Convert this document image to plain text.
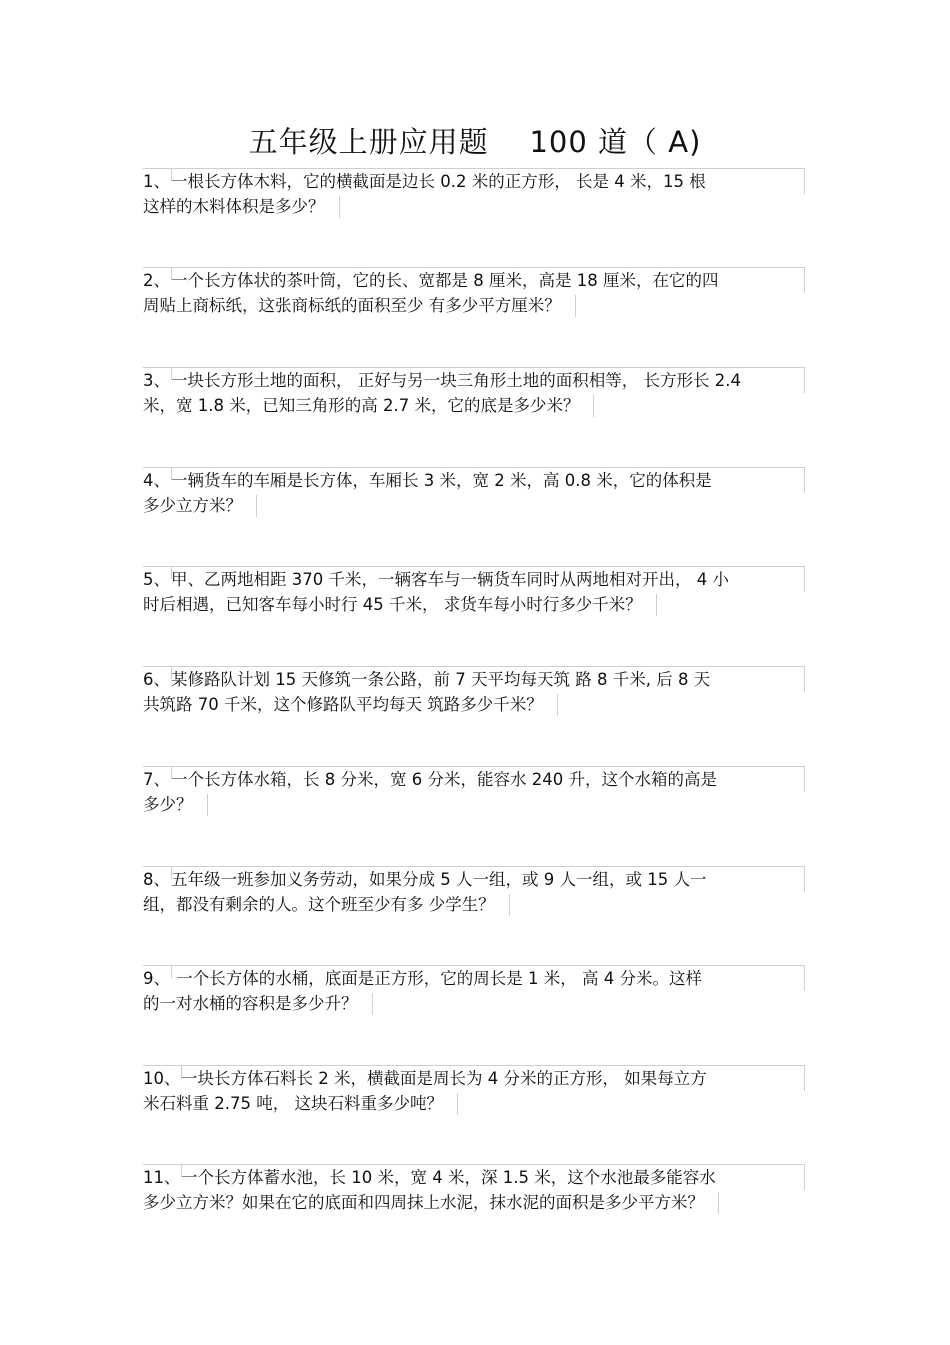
五年级上册应用题    100 道（ A)
1、一根长方体木料，它的横截面是边长 0.2 米的正方形， 长是 4 米，15 根
这样的木料体积是多少？
2、一个长方体状的茶叶筒，它的长、宽都是 8 厘米，高是 18 厘米，在它的四
周贴上商标纸，这张商标纸的面积至少 有多少平方厘米？
3、一块长方形土地的面积， 正好与另一块三角形土地的面积相等， 长方形长 2.4
米，宽 1.8 米，已知三角形的高 2.7 米，它的底是多少米？
4、一辆货车的车厢是长方体，车厢长 3 米，宽 2 米，高 0.8 米，它的体积是
多少立方米？
5、甲、乙两地相距 370 千米，一辆客车与一辆货车同时从两地相对开出， 4 小
时后相遇，已知客车每小时行 45 千米， 求货车每小时行多少千米？
6、某修路队计划 15 天修筑一条公路，前 7 天平均每天筑 路 8 千米, 后 8 天
共筑路 70 千米，这个修路队平均每天 筑路多少千米？
7、一个长方体水箱，长 8 分米，宽 6 分米，能容水 240 升，这个水箱的高是
多少？
8、五年级一班参加义务劳动，如果分成 5 人一组，或 9 人一组，或 15 人一
组，都没有剩余的人。这个班至少有多 少学生？
9、 一个长方体的水桶，底面是正方形，它的周长是 1 米， 高 4 分米。这样
的一对水桶的容积是多少升？
10、一块长方体石料长 2 米，横截面是周长为 4 分米的正方形， 如果每立方
米石料重 2.75 吨， 这块石料重多少吨？
11、一个长方体蓄水池，长 10 米，宽 4 米，深 1.5 米，这个水池最多能容水
多少立方米？如果在它的底面和四周抹上水泥，抹水泥的面积是多少平方米？
